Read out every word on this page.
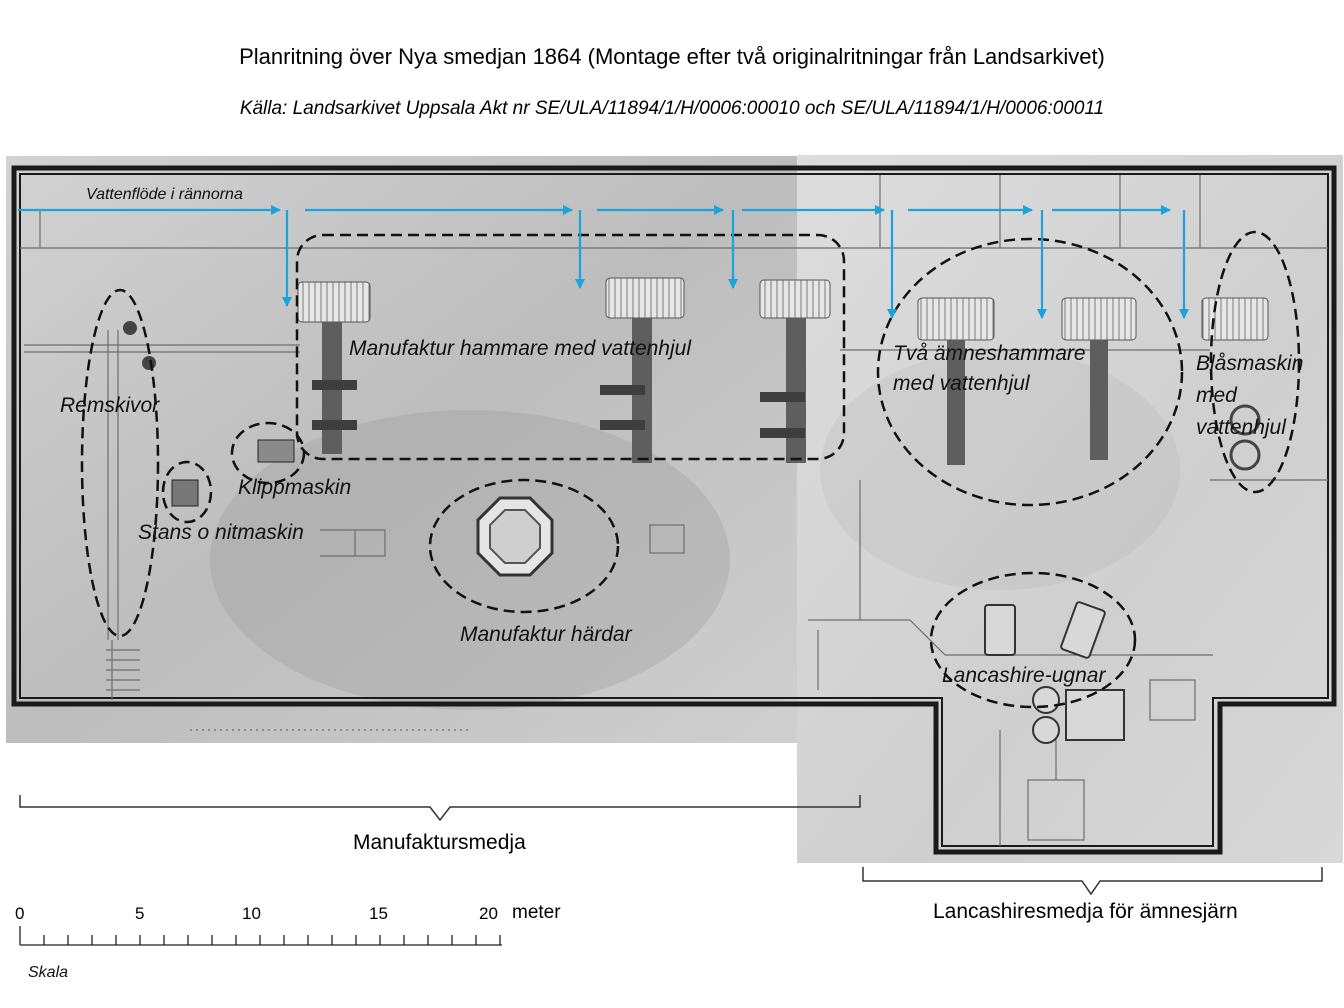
Planritning över Nya smedjan 1864 (Montage efter två originalritningar från Landsarkivet)
Källa: Landsarkivet Uppsala Akt nr SE/ULA/11894/1/H/0006:00010 och SE/ULA/11894/1/H/0006:00011
Vattenflöde i rännorna
Remskivor
Manufaktur hammare med vattenhjul
Klippmaskin
Stans o nitmaskin
Manufaktur härdar
Två ämneshammare
med vattenhjul
Blåsmaskin
med
vattenhjul
Lancashire-ugnar
Manufaktursmedja
Lancashiresmedja för ämnesjärn
0	5	10	15	20 meter
Skala
